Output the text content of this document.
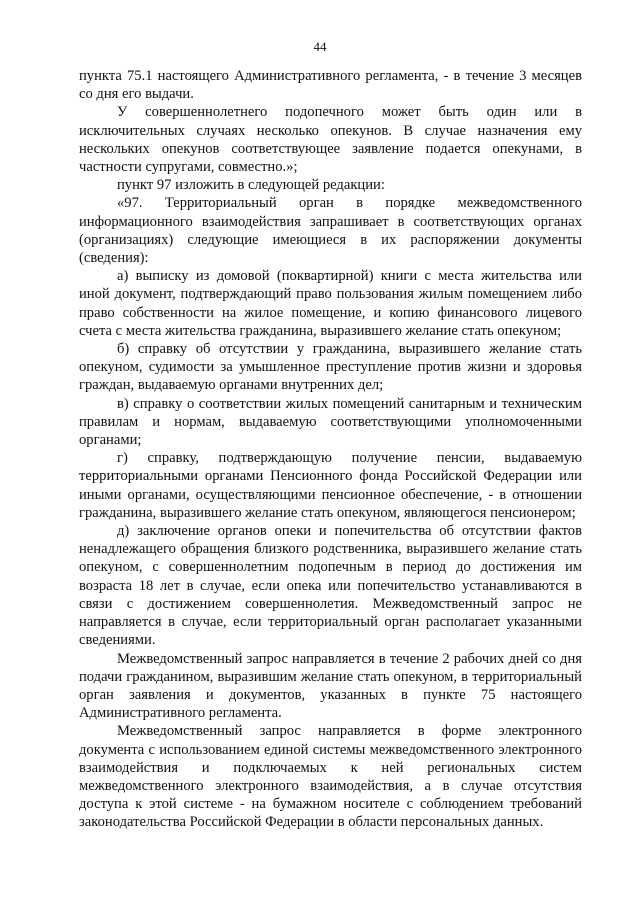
44

пункта 75.1 настоящего Административного регламента, - в течение 3 месяцев со дня его выдачи.

У совершеннолетнего подопечного может быть один или в исключительных случаях несколько опекунов. В случае назначения ему нескольких опекунов соответствующее заявление подается опекунами, в частности супругами, совместно.»;

пункт 97 изложить в следующей редакции:

«97. Территориальный орган в порядке межведомственного информационного взаимодействия запрашивает в соответствующих органах (организациях) следующие имеющиеся в их распоряжении документы (сведения):

а) выписку из домовой (поквартирной) книги с места жительства или иной документ, подтверждающий право пользования жилым помещением либо право собственности на жилое помещение, и копию финансового лицевого счета с места жительства гражданина, выразившего желание стать опекуном;

б) справку об отсутствии у гражданина, выразившего желание стать опекуном, судимости за умышленное преступление против жизни и здоровья граждан, выдаваемую органами внутренних дел;

в) справку о соответствии жилых помещений санитарным и техническим правилам и нормам, выдаваемую соответствующими уполномоченными органами;

г) справку, подтверждающую получение пенсии, выдаваемую территориальными органами Пенсионного фонда Российской Федерации или иными органами, осуществляющими пенсионное обеспечение, - в отношении гражданина, выразившего желание стать опекуном, являющегося пенсионером;

д) заключение органов опеки и попечительства об отсутствии фактов ненадлежащего обращения близкого родственника, выразившего желание стать опекуном, с совершеннолетним подопечным в период до достижения им возраста 18 лет в случае, если опека или попечительство устанавливаются в связи с достижением совершеннолетия. Межведомственный запрос не направляется в случае, если территориальный орган располагает указанными сведениями.

Межведомственный запрос направляется в течение 2 рабочих дней со дня подачи гражданином, выразившим желание стать опекуном, в территориальный орган заявления и документов, указанных в пункте 75 настоящего Административного регламента.

Межведомственный запрос направляется в форме электронного документа с использованием единой системы межведомственного электронного взаимодействия и подключаемых к ней региональных систем межведомственного электронного взаимодействия, а в случае отсутствия доступа к этой системе - на бумажном носителе с соблюдением требований законодательства Российской Федерации в области персональных данных.
